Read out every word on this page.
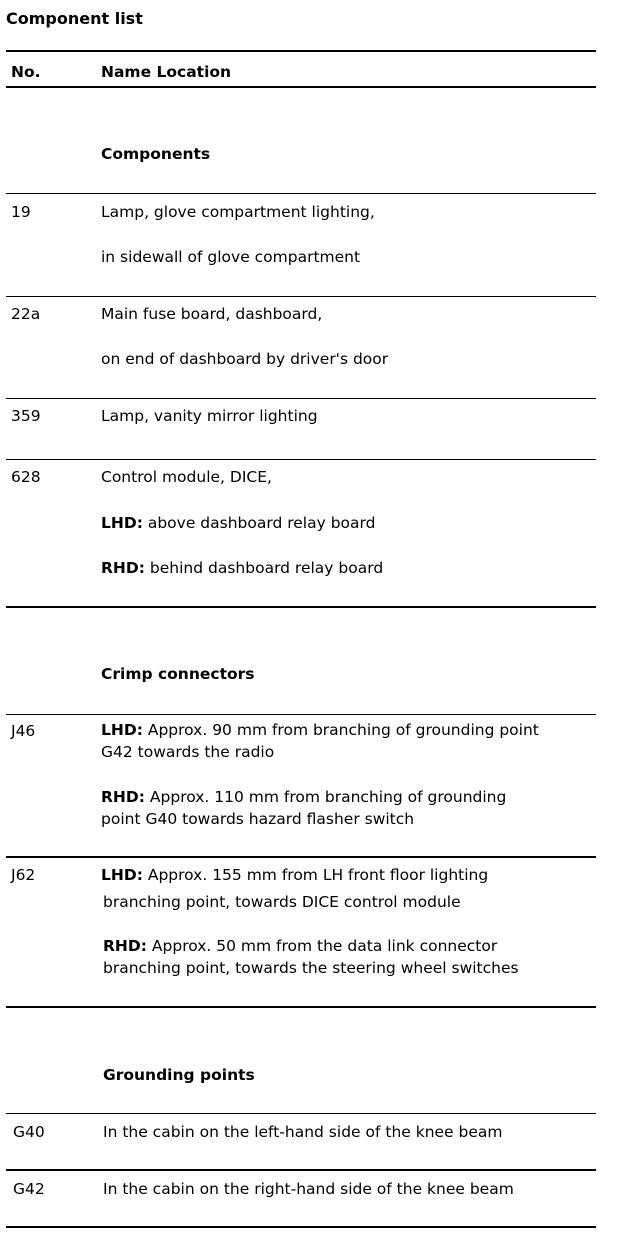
Component list
No.	Name Location
Components
19	Lamp, glove compartment lighting,
in sidewall of glove compartment
22a	Main fuse board, dashboard,
on end of dashboard by driver's door
359	Lamp, vanity mirror lighting
628	Control module, DICE,
LHD: above dashboard relay board
RHD: behind dashboard relay board
Crimp connectors
J46	LHD: Approx. 90 mm from branching of grounding point
G42 towards the radio
RHD: Approx. 110 mm from branching of grounding
point G40 towards hazard flasher switch
J62	LHD: Approx. 155 mm from LH front floor lighting
branching point, towards DICE control module
RHD: Approx. 50 mm from the data link connector
branching point, towards the steering wheel switches
Grounding points
G40	In the cabin on the left-hand side of the knee beam
G42	In the cabin on the right-hand side of the knee beam
